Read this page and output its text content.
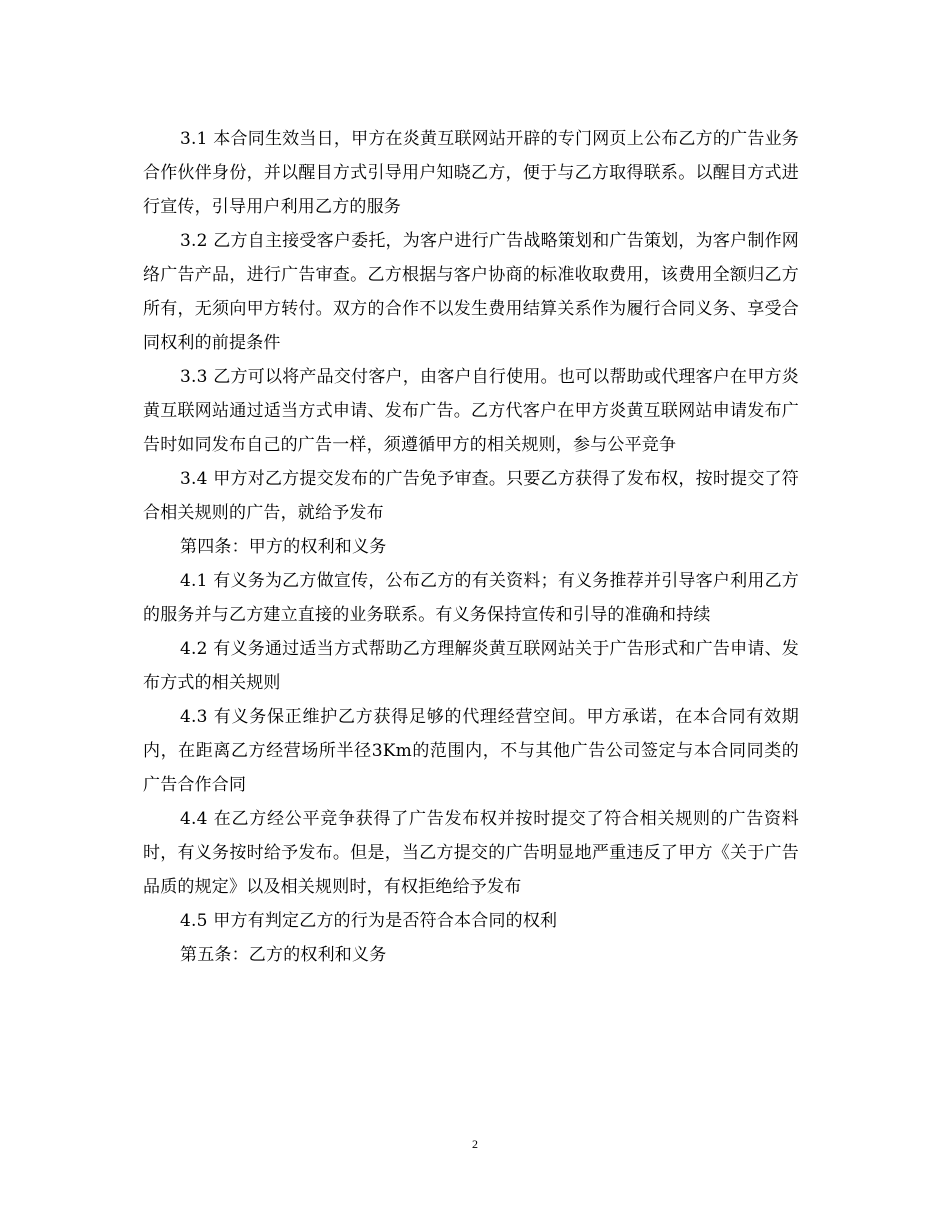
3.1 本合同生效当日，甲方在炎黄互联网站开辟的专门网页上公布乙方的广告业务合作伙伴身份，并以醒目方式引导用户知晓乙方，便于与乙方取得联系。以醒目方式进行宣传，引导用户利用乙方的服务

3.2 乙方自主接受客户委托，为客户进行广告战略策划和广告策划，为客户制作网络广告产品，进行广告审查。乙方根据与客户协商的标准收取费用，该费用全额归乙方所有，无须向甲方转付。双方的合作不以发生费用结算关系作为履行合同义务、享受合同权利的前提条件

3.3 乙方可以将产品交付客户，由客户自行使用。也可以帮助或代理客户在甲方炎黄互联网站通过适当方式申请、发布广告。乙方代客户在甲方炎黄互联网站申请发布广告时如同发布自己的广告一样，须遵循甲方的相关规则，参与公平竞争

3.4 甲方对乙方提交发布的广告免予审查。只要乙方获得了发布权，按时提交了符合相关规则的广告，就给予发布

第四条：甲方的权利和义务

4.1 有义务为乙方做宣传，公布乙方的有关资料；有义务推荐并引导客户利用乙方的服务并与乙方建立直接的业务联系。有义务保持宣传和引导的准确和持续

4.2 有义务通过适当方式帮助乙方理解炎黄互联网站关于广告形式和广告申请、发布方式的相关规则

4.3 有义务保正维护乙方获得足够的代理经营空间。甲方承诺，在本合同有效期内，在距离乙方经营场所半径3Km的范围内，不与其他广告公司签定与本合同同类的广告合作合同

4.4 在乙方经公平竞争获得了广告发布权并按时提交了符合相关规则的广告资料时，有义务按时给予发布。但是，当乙方提交的广告明显地严重违反了甲方《关于广告品质的规定》以及相关规则时，有权拒绝给予发布

4.5 甲方有判定乙方的行为是否符合本合同的权利

第五条：乙方的权利和义务

2
